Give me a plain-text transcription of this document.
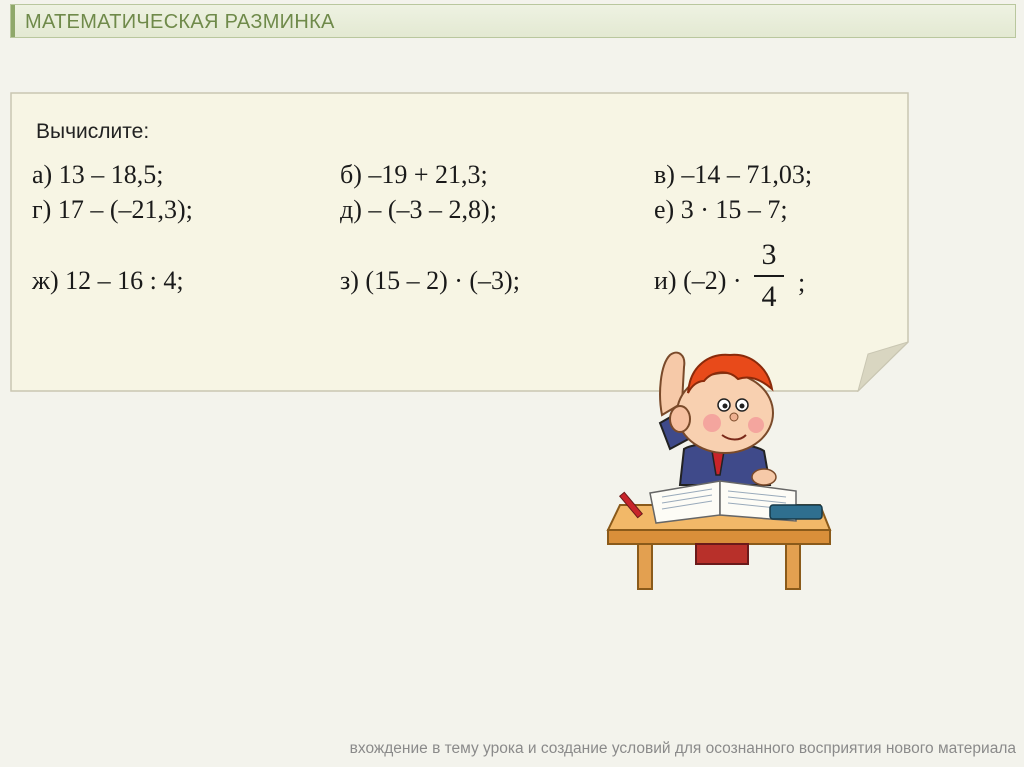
МАТЕМАТИЧЕСКАЯ РАЗМИНКА
Вычислите:
а) 13 – 18,5;	б) –19 + 21,3;	в) –14 – 71,03;
г) 17 – (–21,3);	д) – (–3 – 2,8);	е) 3 · 15 – 7;
ж) 12 – 16 : 4;	з) (15 – 2) · (–3);	и) (–2) ·
3
4 ;
вхождение в тему урока и создание условий для осознанного восприятия нового материала
